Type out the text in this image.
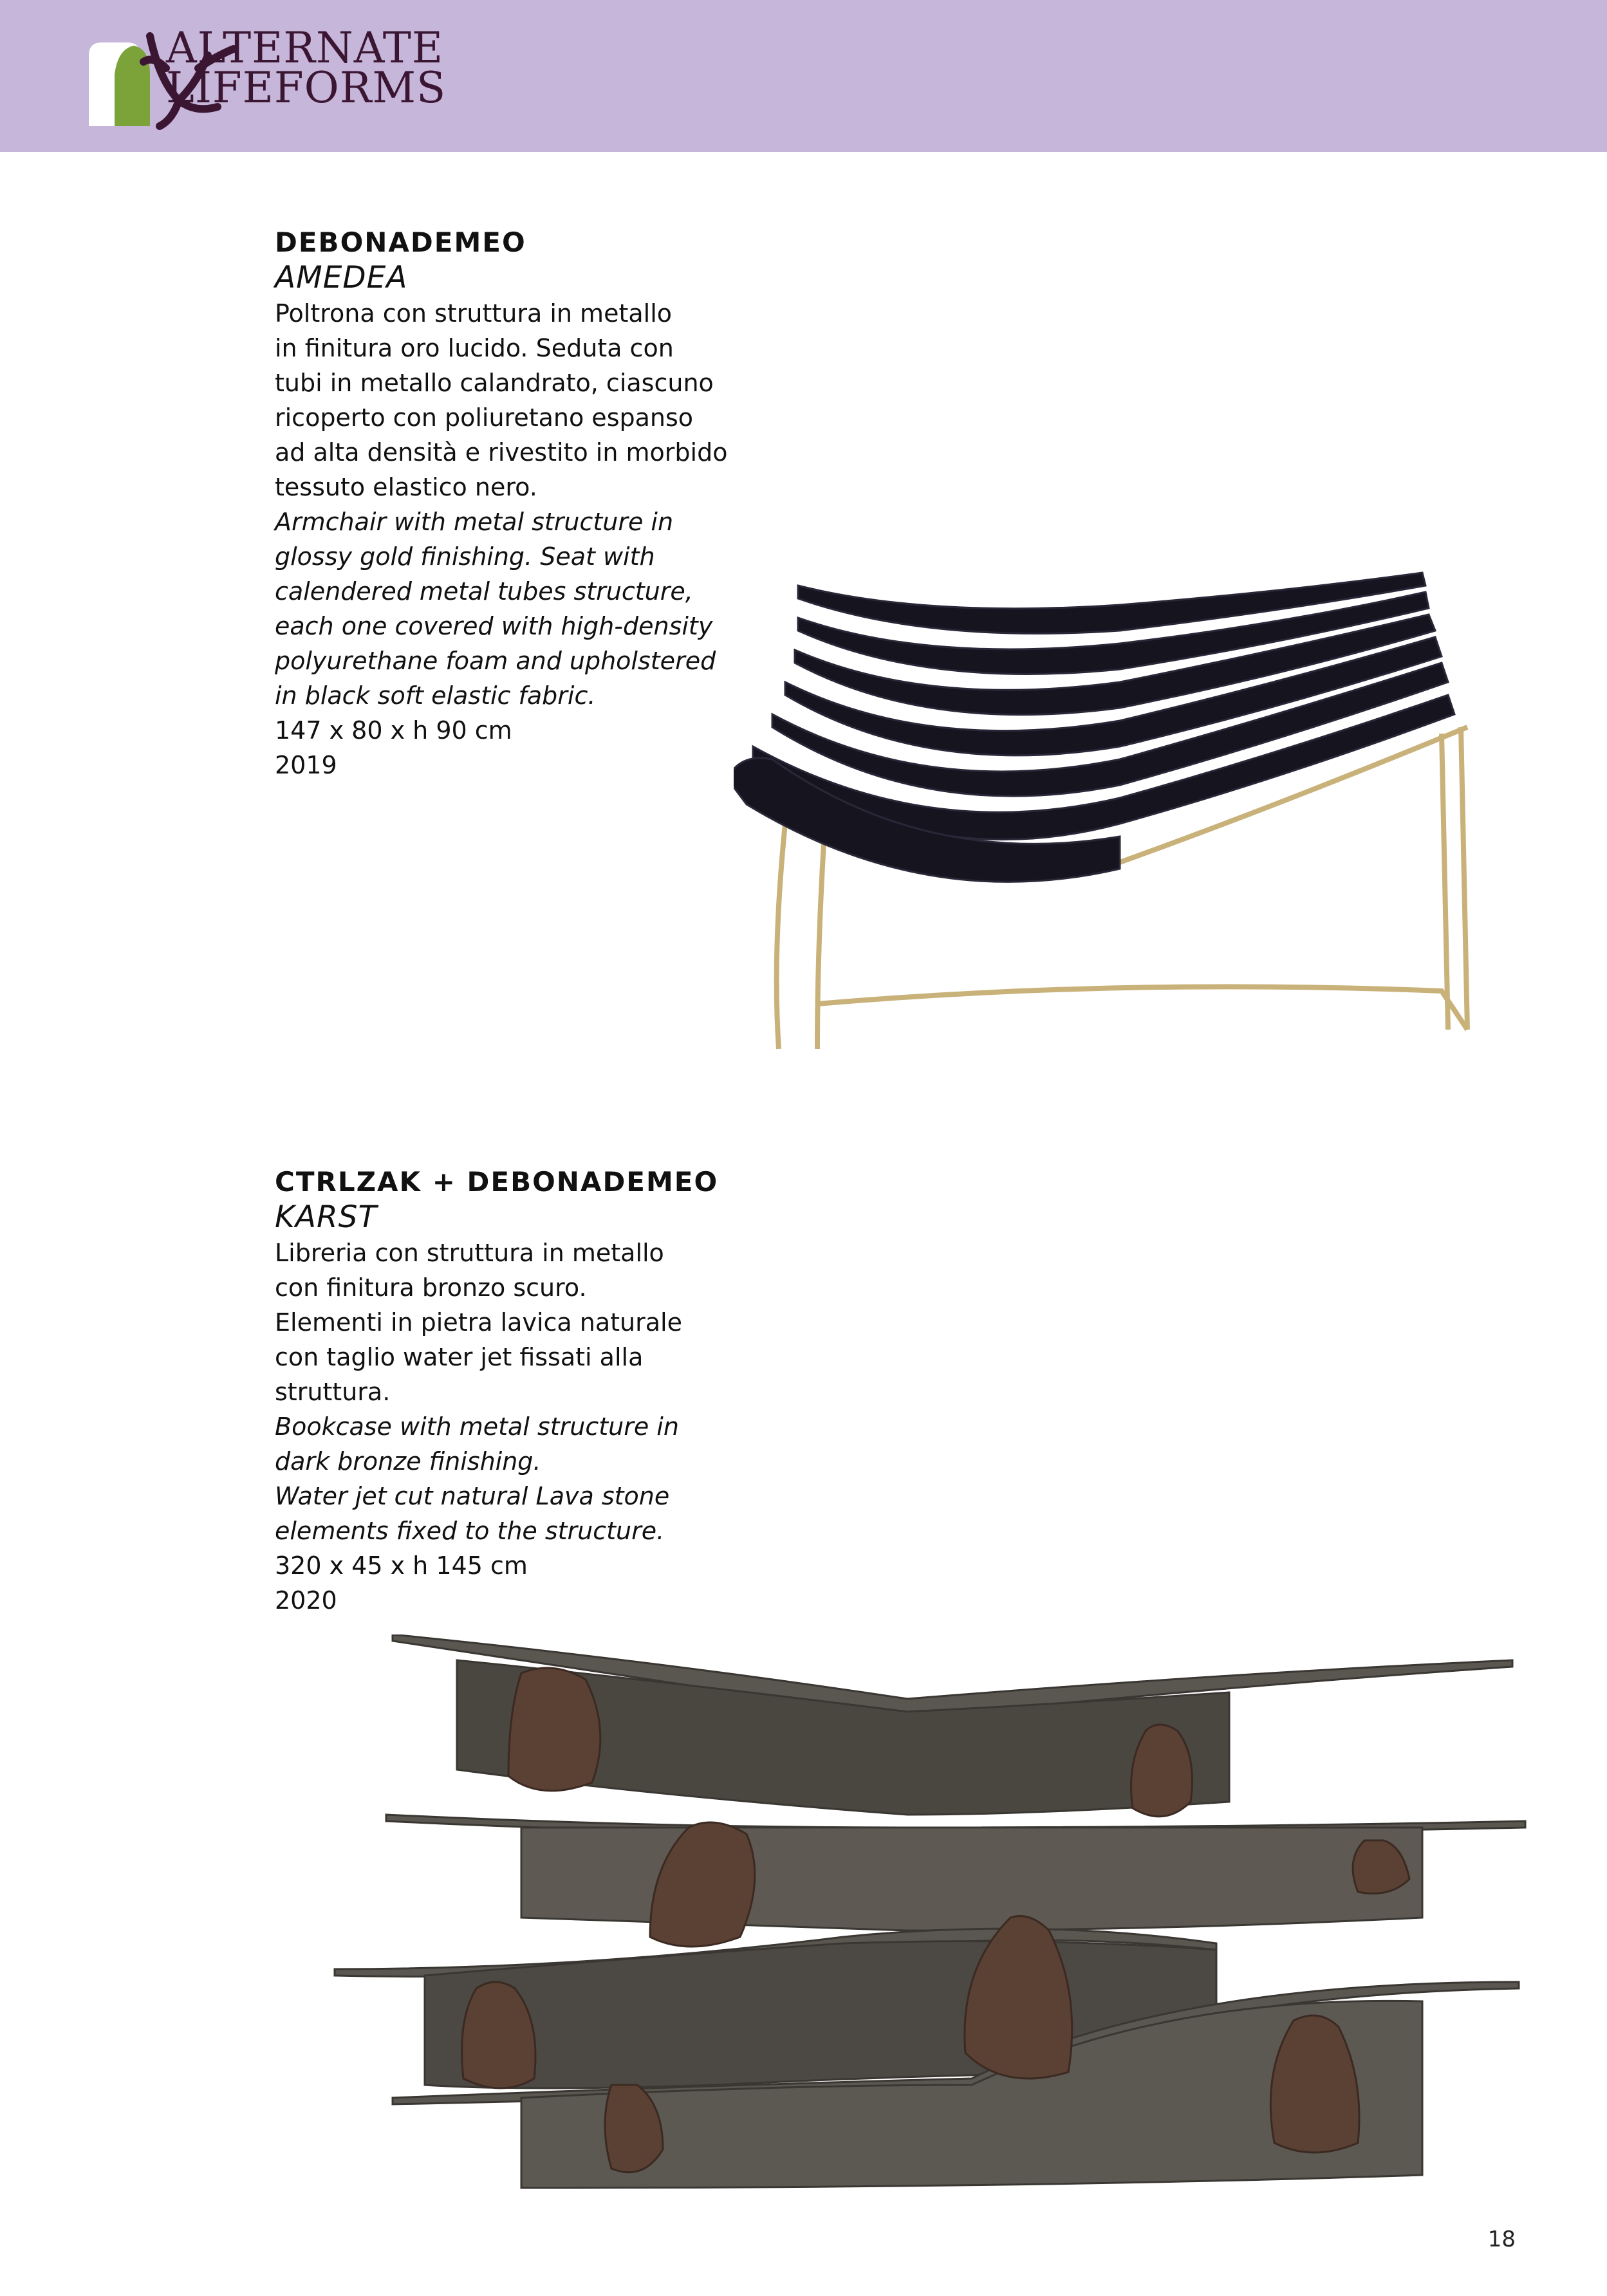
ALTERNATE
LIFEFORMS

DEBONADEMEO

AMEDEA

Poltrona con struttura in metallo
in finitura oro lucido. Seduta con
tubi in metallo calandrato, ciascuno
ricoperto con poliuretano espanso
ad alta densità e rivestito in morbido
tessuto elastico nero.

Armchair with metal structure in
glossy gold finishing. Seat with
calendered metal tubes structure,
each one covered with high-density
polyurethane foam and upholstered
in black soft elastic fabric.

147 x 80 x h 90 cm

2019

CTRLZAK + DEBONADEMEO

KARST

Libreria con struttura in metallo
con finitura bronzo scuro.
Elementi in pietra lavica naturale
con taglio water jet fissati alla
struttura.

Bookcase with metal structure in
dark bronze finishing.
Water jet cut natural Lava stone
elements fixed to the structure.

320 x 45 x h 145 cm

2020

18
